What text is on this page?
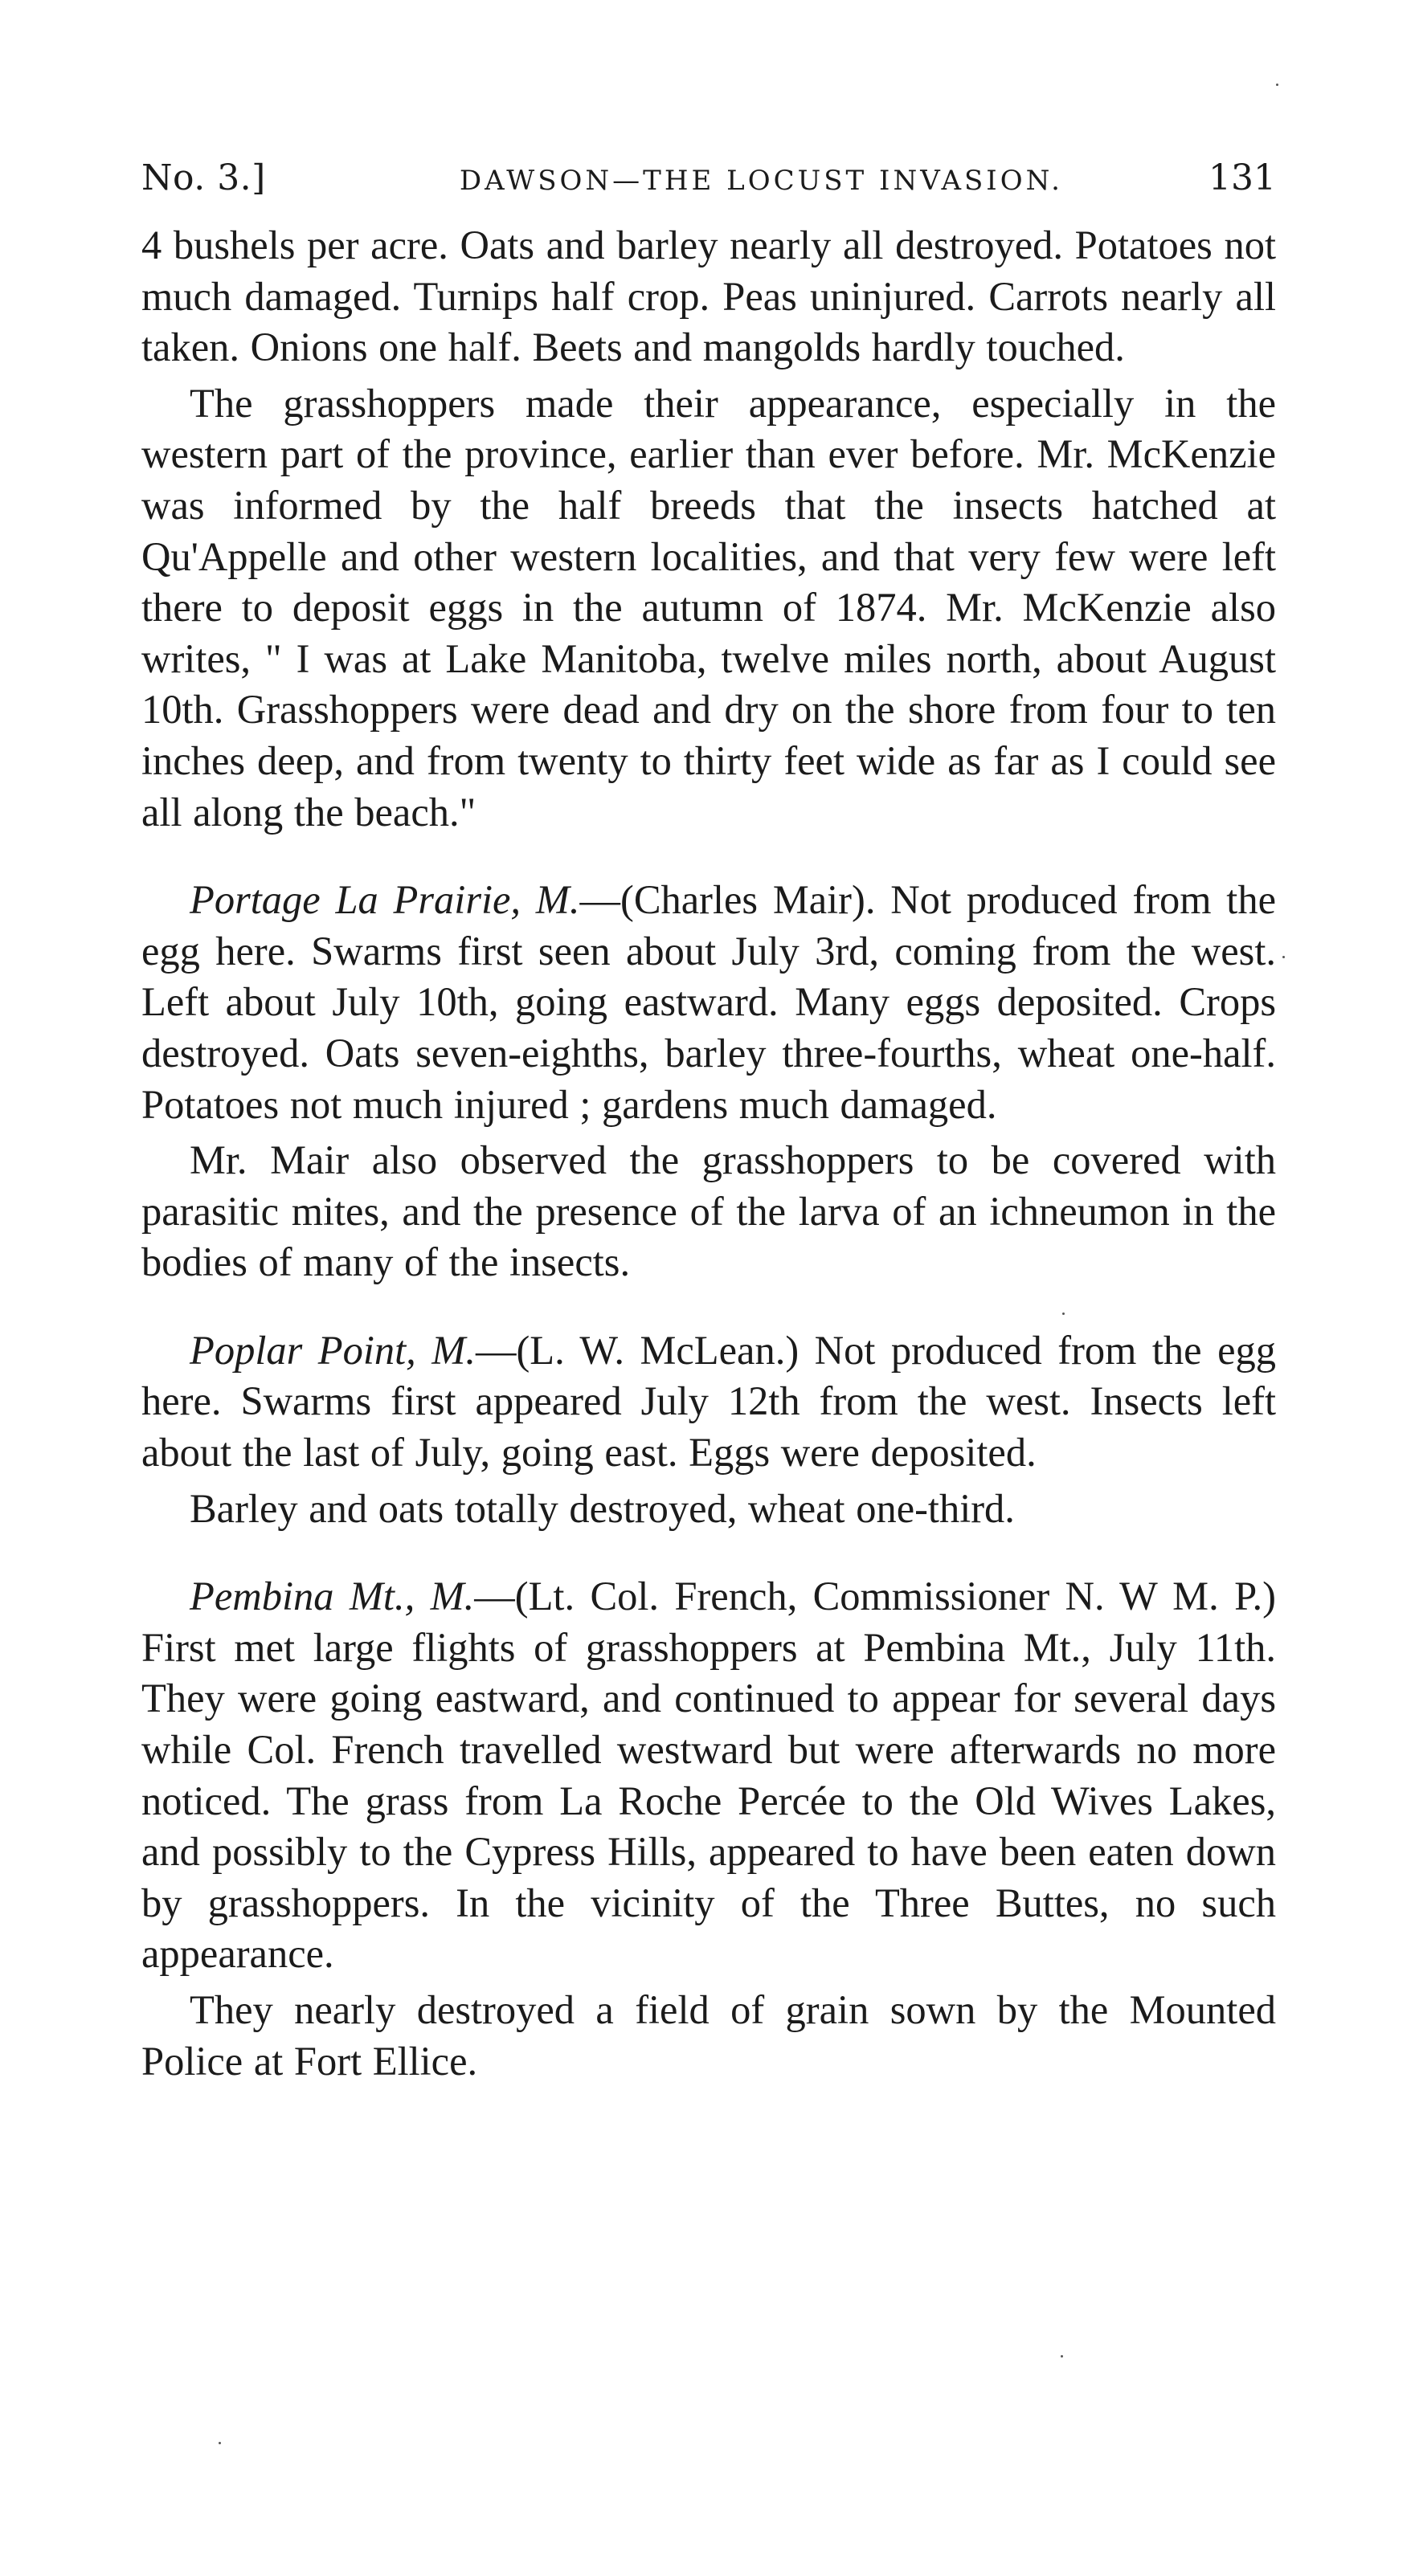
No. 3.]	DAWSON—THE LOCUST INVASION.	131

4 bushels per acre. Oats and barley nearly all destroyed. Potatoes not much damaged. Turnips half crop. Peas uninjured. Carrots nearly all taken. Onions one half. Beets and mangolds hardly touched.

The grasshoppers made their appearance, especially in the western part of the province, earlier than ever before. Mr. McKenzie was informed by the half breeds that the insects hatched at Qu'Appelle and other western localities, and that very few were left there to deposit eggs in the autumn of 1874. Mr. McKenzie also writes, " I was at Lake Manitoba, twelve miles north, about August 10th. Grasshoppers were dead and dry on the shore from four to ten inches deep, and from twenty to thirty feet wide as far as I could see all along the beach."

Portage La Prairie, M.—(Charles Mair). Not produced from the egg here. Swarms first seen about July 3rd, coming from the west. Left about July 10th, going eastward. Many eggs deposited. Crops destroyed. Oats seven-eighths, barley three-fourths, wheat one-half. Potatoes not much injured ; gardens much damaged.

Mr. Mair also observed the grasshoppers to be covered with parasitic mites, and the presence of the larva of an ichneumon in the bodies of many of the insects.

Poplar Point, M.—(L. W. McLean.) Not produced from the egg here. Swarms first appeared July 12th from the west. Insects left about the last of July, going east. Eggs were deposited.

Barley and oats totally destroyed, wheat one-third.

Pembina Mt., M.—(Lt. Col. French, Commissioner N. W M. P.) First met large flights of grasshoppers at Pembina Mt., July 11th. They were going eastward, and continued to appear for several days while Col. French travelled westward but were afterwards no more noticed. The grass from La Roche Percée to the Old Wives Lakes, and possibly to the Cypress Hills, appeared to have been eaten down by grasshoppers. In the vicinity of the Three Buttes, no such appearance.

They nearly destroyed a field of grain sown by the Mounted Police at Fort Ellice.
